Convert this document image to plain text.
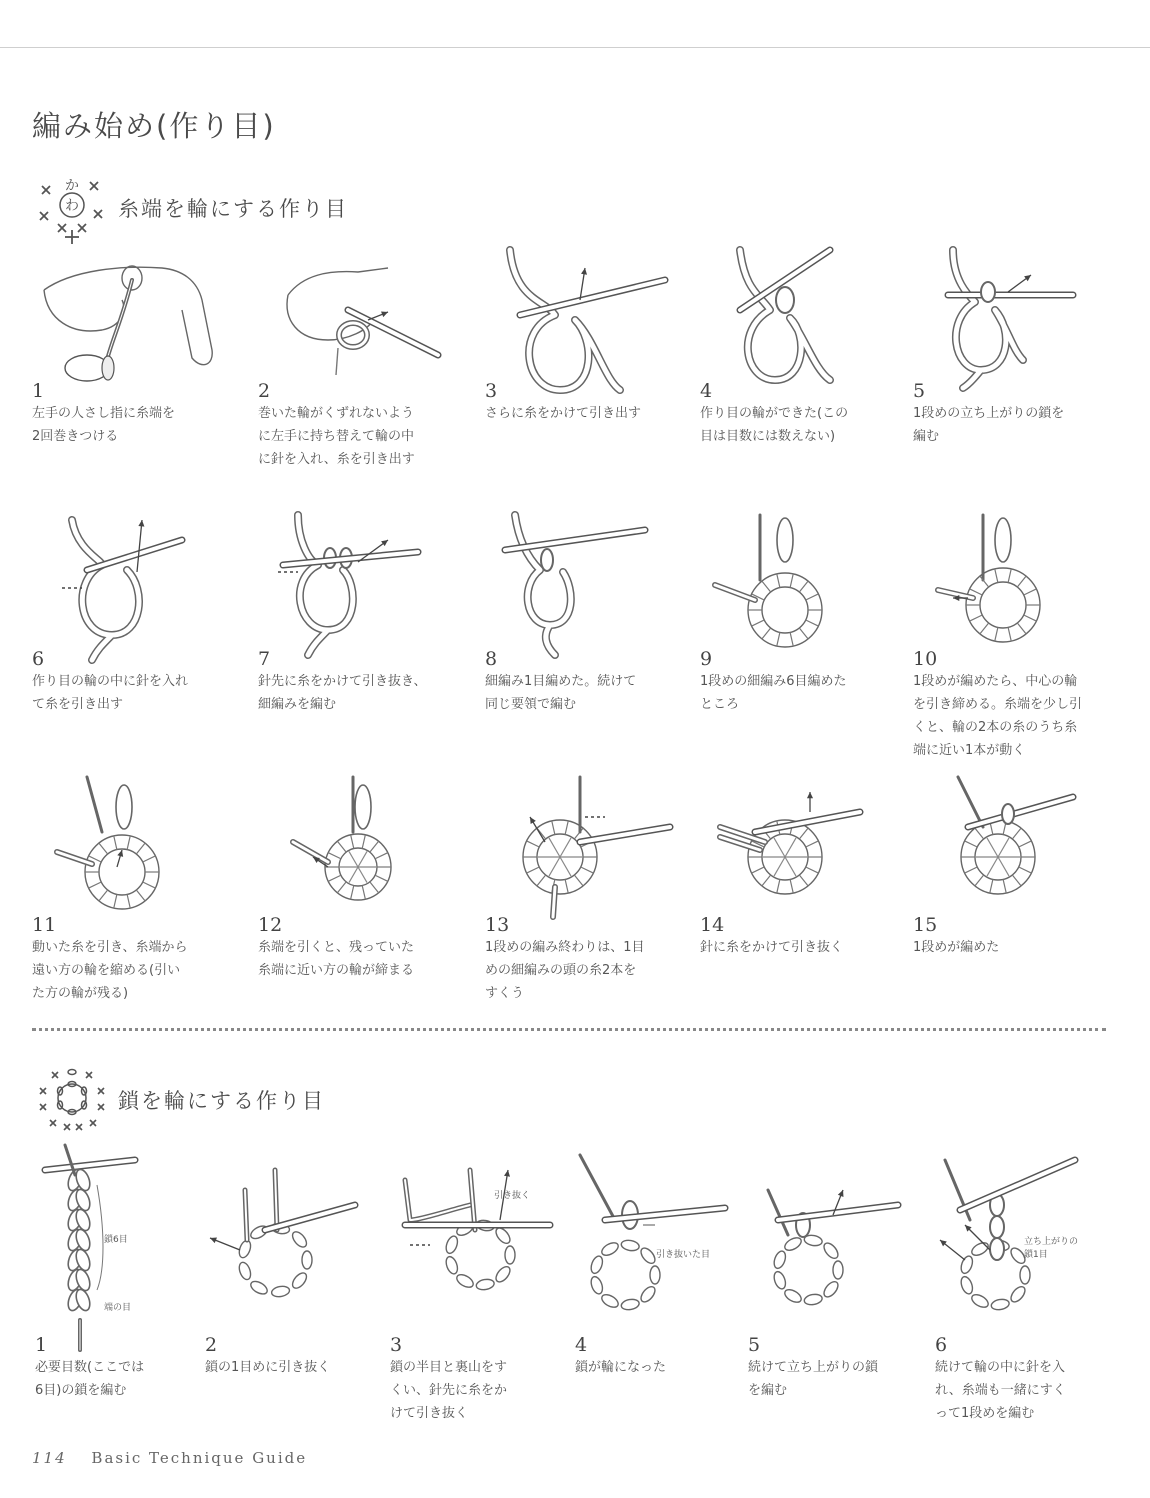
編み始め(作り目)
わ
か
糸端を輪にする作り目
1
左手の人さし指に糸端を
2回巻きつける
2
巻いた輪がくずれないよう
に左手に持ち替えて輪の中
に針を入れ、糸を引き出す
3
さらに糸をかけて引き出す
4
作り目の輪ができた(この
目は目数には数えない)
5
1段めの立ち上がりの鎖を
編む
6
作り目の輪の中に針を入れ
て糸を引き出す
7
針先に糸をかけて引き抜き、
細編みを編む
8
細編み1目編めた。続けて
同じ要領で編む
9
1段めの細編み6目編めた
ところ
10
1段めが編めたら、中心の輪
を引き締める。糸端を少し引
くと、輪の2本の糸のうち糸
端に近い1本が動く
11
動いた糸を引き、糸端から
遠い方の輪を縮める(引い
た方の輪が残る)
12
糸端を引くと、残っていた
糸端に近い方の輪が締まる
13
1段めの編み終わりは、1目
めの細編みの頭の糸2本を
すくう
14
針に糸をかけて引き抜く
15
1段めが編めた
鎖を輪にする作り目
1
必要目数(ここでは
6目)の鎖を編む
2
鎖の1目めに引き抜く
3
鎖の半目と裏山をす
くい、針先に糸をか
けて引き抜く
4
鎖が輪になった
5
続けて立ち上がりの鎖
を編む
6
続けて輪の中に針を入
れ、糸端も一緒にすく
って1段めを編む
鎖6目
端の目
引き抜く
引き抜いた目
立ち上がりの
鎖1目
114 Basic Technique Guide
